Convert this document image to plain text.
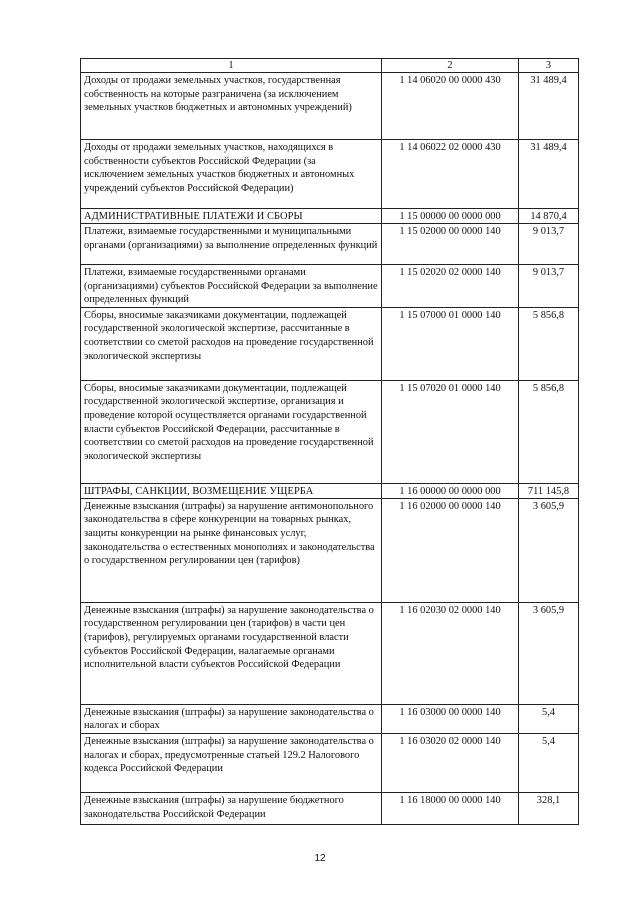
1	2	3
Доходы от продажи земельных участков, государственная собственность на которые разграничена (за исключением земельных участков бюджетных и автономных учреждений)	1 14 06020 00 0000 430	31 489,4
Доходы от продажи земельных участков, находящихся в собственности субъектов Российской Федерации (за исключением земельных участков бюджетных и автономных учреждений субъектов Российской Федерации)	1 14 06022 02 0000 430	31 489,4
АДМИНИСТРАТИВНЫЕ ПЛАТЕЖИ И СБОРЫ	1 15 00000 00 0000 000	14 870,4
Платежи, взимаемые государственными и муниципальными органами (организациями) за выполнение определенных функций	1 15 02000 00 0000 140	9 013,7
Платежи, взимаемые государственными органами (организациями) субъектов Российской Федерации за выполнение определенных функций	1 15 02020 02 0000 140	9 013,7
Сборы, вносимые заказчиками документации, подлежащей государственной экологической экспертизе, рассчитанные в соответствии со сметой расходов на проведение государственной экологической экспертизы	1 15 07000 01 0000 140	5 856,8
Сборы, вносимые заказчиками документации, подлежащей государственной экологической экспертизе, организация и проведение которой осуществляется органами государственной власти субъектов Российской Федерации, рассчитанные в соответствии со сметой расходов на проведение государственной экологической экспертизы	1 15 07020 01 0000 140	5 856,8
ШТРАФЫ, САНКЦИИ, ВОЗМЕЩЕНИЕ УЩЕРБА	1 16 00000 00 0000 000	711 145,8
Денежные взыскания (штрафы) за нарушение антимонопольного законодательства в сфере конкуренции на товарных рынках, защиты конкуренции на рынке финансовых услуг, законодательства о естественных монополиях и законодательства о государственном регулировании цен (тарифов)	1 16 02000 00 0000 140	3 605,9
Денежные взыскания (штрафы) за нарушение законодательства о государственном регулировании цен (тарифов) в части цен (тарифов), регулируемых органами государственной власти субъектов Российской Федерации, налагаемые органами исполнительной власти субъектов Российской Федерации	1 16 02030 02 0000 140	3 605,9
Денежные взыскания (штрафы) за нарушение законодательства о налогах и сборах	1 16 03000 00 0000 140	5,4
Денежные взыскания (штрафы) за нарушение законодательства о налогах и сборах, предусмотренные статьей 129.2 Налогового кодекса Российской Федерации	1 16 03020 02 0000 140	5,4
Денежные взыскания (штрафы) за нарушение бюджетного законодательства Российской Федерации	1 16 18000 00 0000 140	328,1
12
